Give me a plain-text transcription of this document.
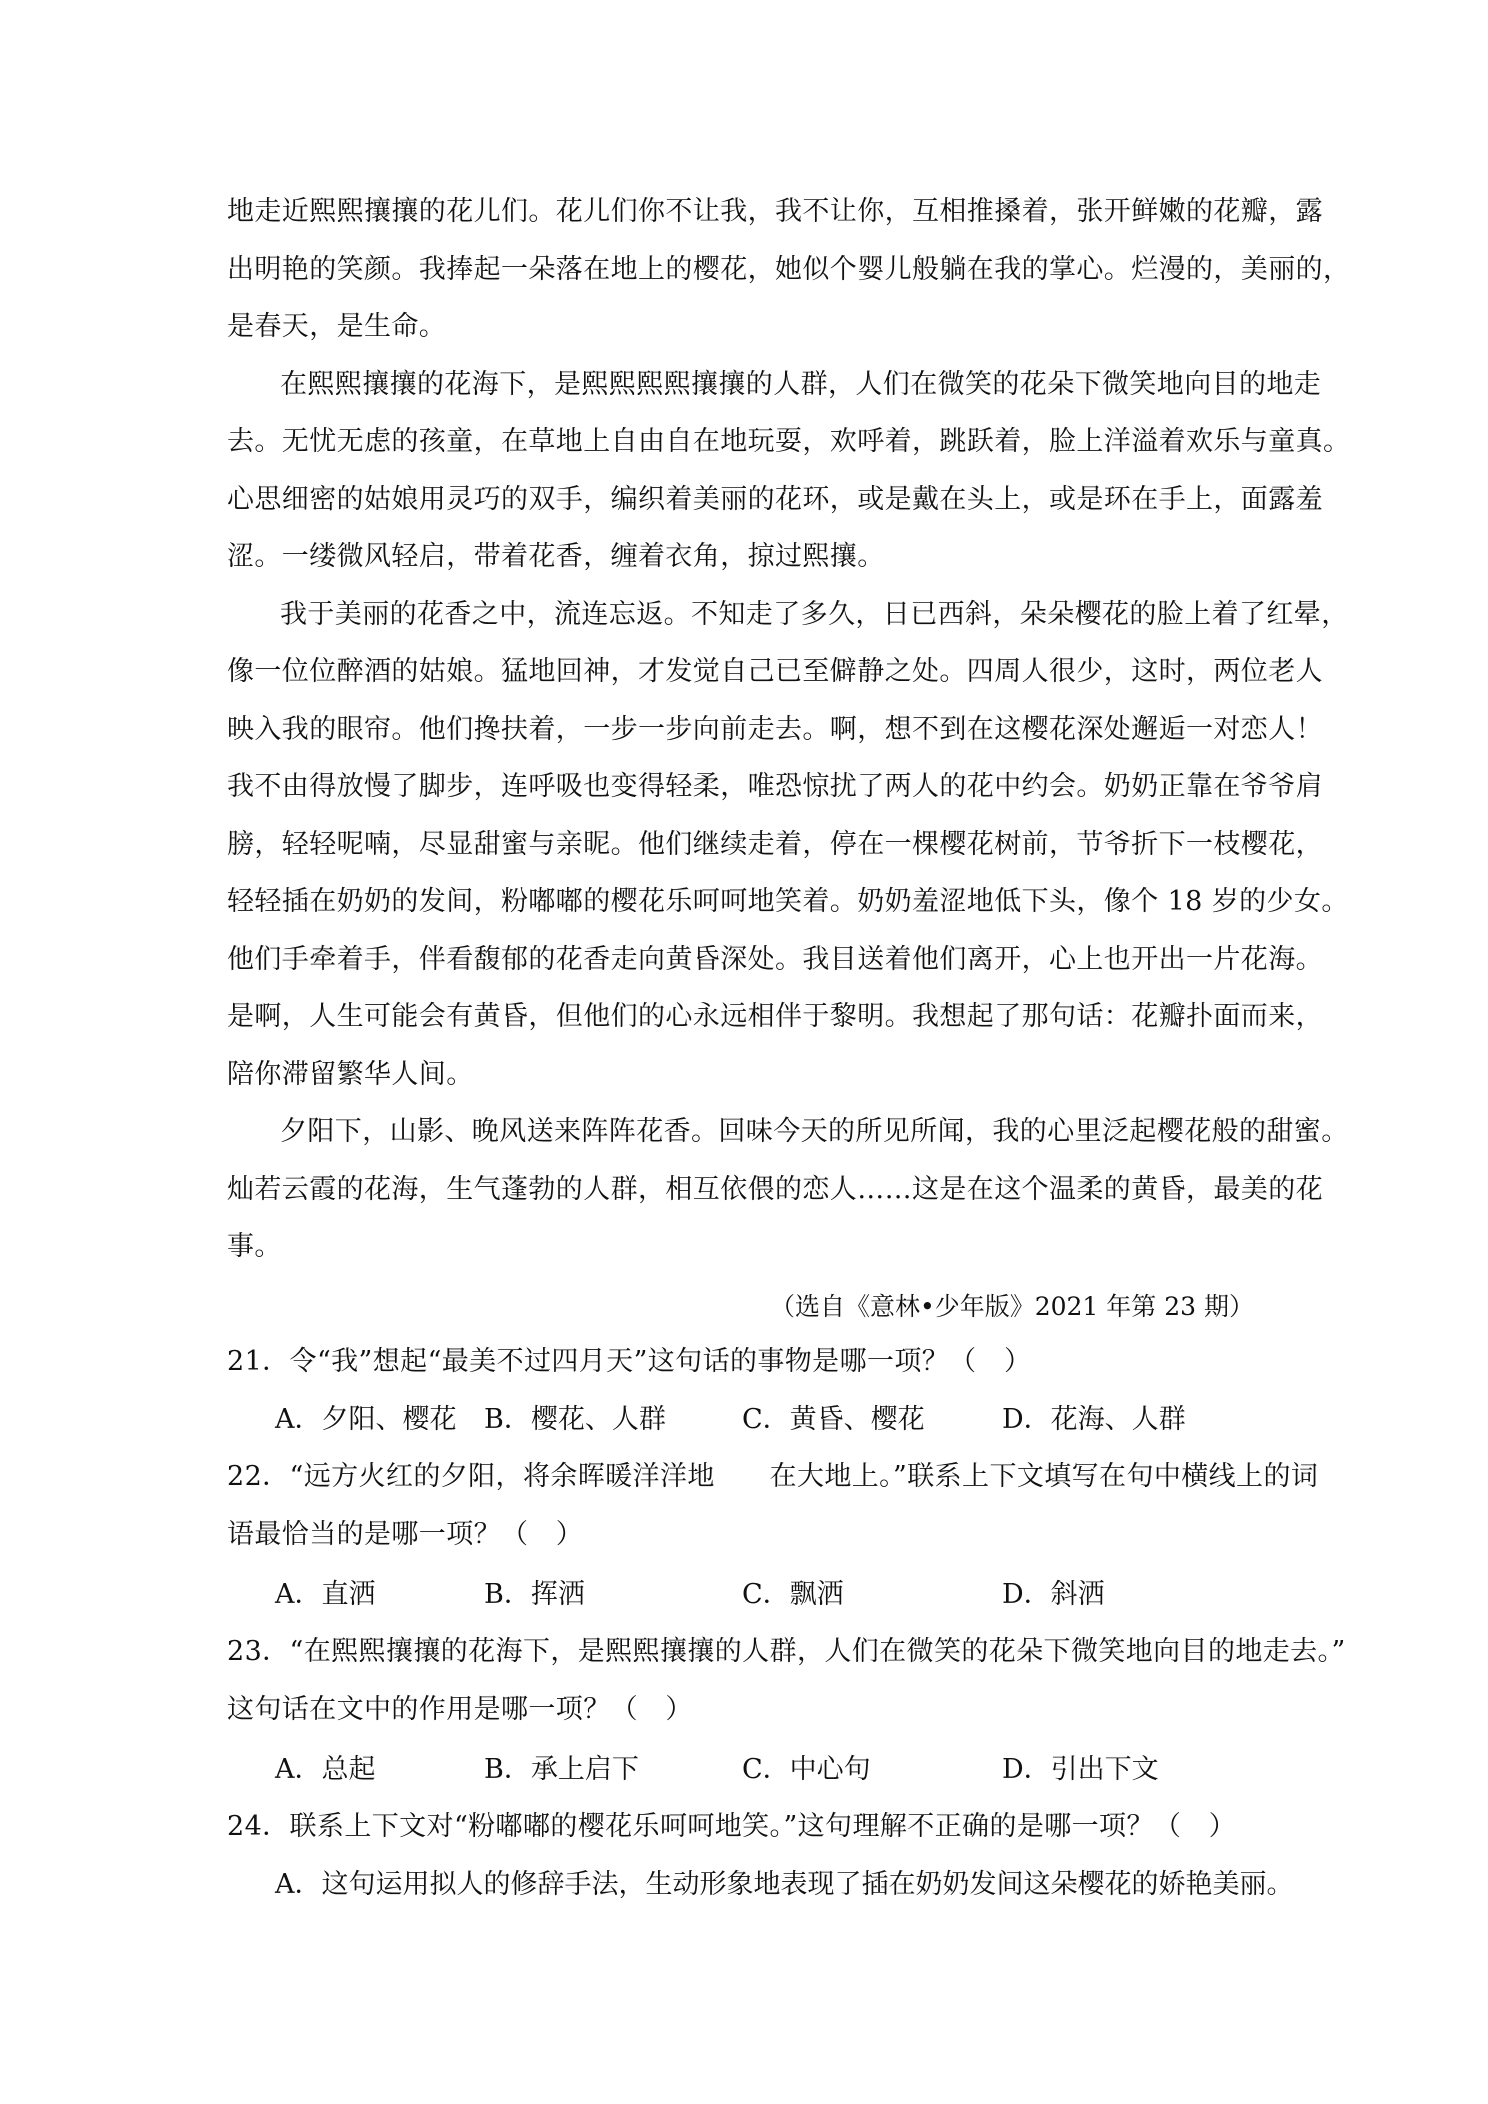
地走近熙熙攘攘的花儿们。花儿们你不让我，我不让你，互相推搡着，张开鲜嫩的花瓣，露
出明艳的笑颜。我捧起一朵落在地上的樱花，她似个婴儿般躺在我的掌心。烂漫的，美丽的，
是春天，是生命。
在熙熙攘攘的花海下，是熙熙熙熙攘攘的人群，人们在微笑的花朵下微笑地向目的地走
去。无忧无虑的孩童，在草地上自由自在地玩耍，欢呼着，跳跃着，脸上洋溢着欢乐与童真。
心思细密的姑娘用灵巧的双手，编织着美丽的花环，或是戴在头上，或是环在手上，面露羞
涩。一缕微风轻启，带着花香，缠着衣角，掠过熙攘。
我于美丽的花香之中，流连忘返。不知走了多久，日已西斜，朵朵樱花的脸上着了红晕，
像一位位醉酒的姑娘。猛地回神，才发觉自己已至僻静之处。四周人很少，这时，两位老人
映入我的眼帘。他们搀扶着，一步一步向前走去。啊，想不到在这樱花深处邂逅一对恋人！
我不由得放慢了脚步，连呼吸也变得轻柔，唯恐惊扰了两人的花中约会。奶奶正靠在爷爷肩
膀，轻轻呢喃，尽显甜蜜与亲昵。他们继续走着，停在一棵樱花树前，节爷折下一枝樱花，
轻轻插在奶奶的发间，粉嘟嘟的樱花乐呵呵地笑着。奶奶羞涩地低下头，像个 18 岁的少女。
他们手牵着手，伴看馥郁的花香走向黄昏深处。我目送着他们离开，心上也开出一片花海。
是啊，人生可能会有黄昏，但他们的心永远相伴于黎明。我想起了那句话：花瓣扑面而来，
陪你滞留繁华人间。
夕阳下，山影、晚风送来阵阵花香。回味今天的所见所闻，我的心里泛起樱花般的甜蜜。
灿若云霞的花海，生气蓬勃的人群，相互依偎的恋人……这是在这个温柔的黄昏，最美的花
事。
（选自《意林•少年版》2021 年第 23 期）
21．令“我”想起“最美不过四月天”这句话的事物是哪一项？（　）
A．夕阳、樱花 B．樱花、人群	C．黄昏、樱花	D．花海、人群
22．“远方火红的夕阳，将余晖暖洋洋地　　在大地上。”联系上下文填写在句中横线上的词
语最恰当的是哪一项？（　）
A．直洒	B．挥洒	C．飘洒	D．斜洒
23．“在熙熙攘攘的花海下，是熙熙攘攘的人群，人们在微笑的花朵下微笑地向目的地走去。”
这句话在文中的作用是哪一项？（　）
A．总起	B．承上启下	C．中心句	D．引出下文
24．联系上下文对“粉嘟嘟的樱花乐呵呵地笑。”这句理解不正确的是哪一项？（　）
A．这句运用拟人的修辞手法，生动形象地表现了插在奶奶发间这朵樱花的娇艳美丽。
